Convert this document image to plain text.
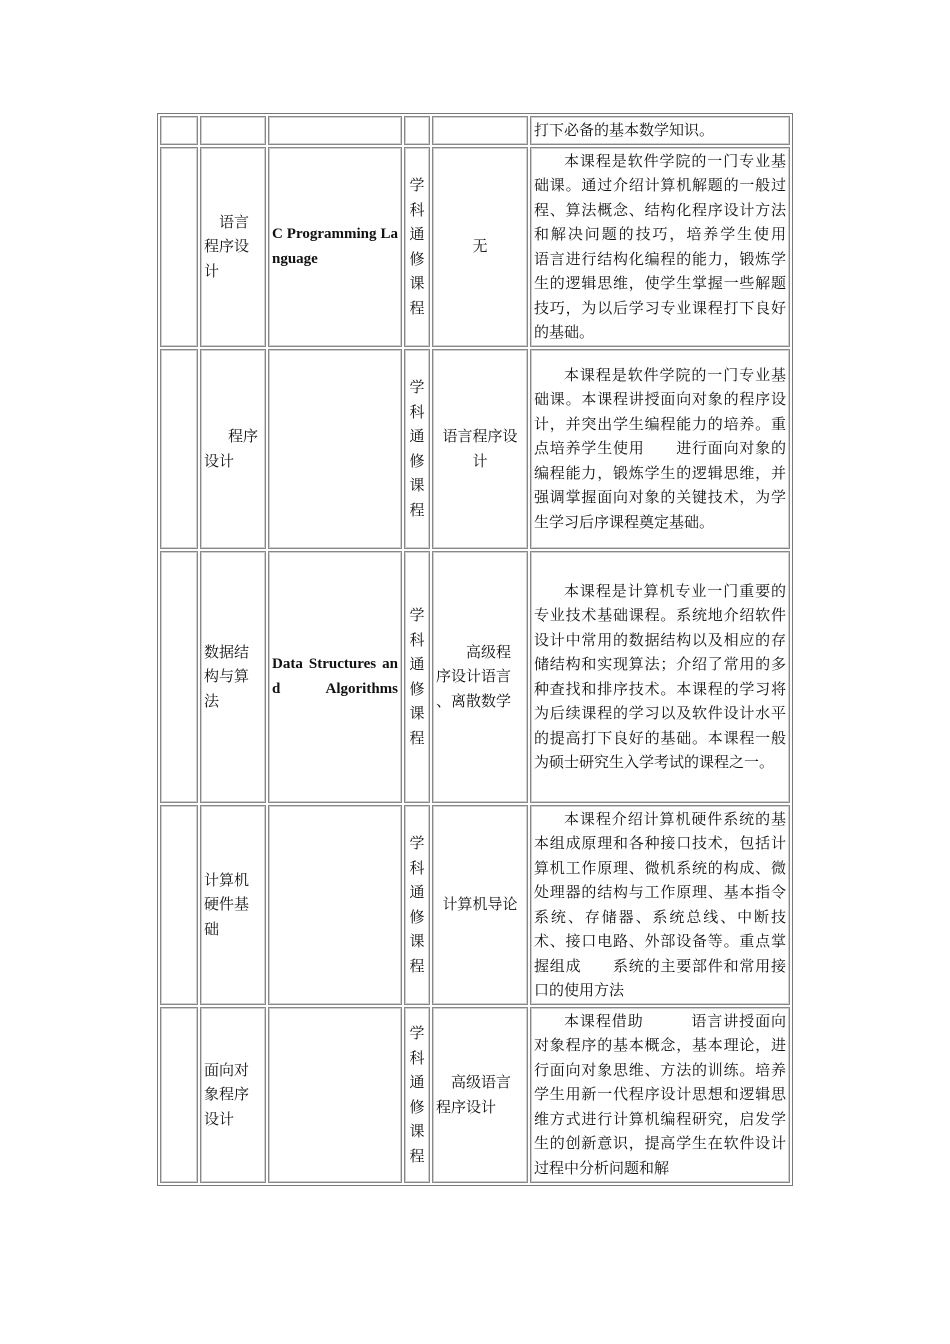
					打下必备的基本数学知识。

	语言程序设计	C Programming Language	学科通修课程	无	本课程是软件学院的一门专业基础课。通过介绍计算机解题的一般过程、算法概念、结构化程序设计方法和解决问题的技巧，培养学生使用　语言进行结构化编程的能力，锻炼学生的逻辑思维，使学生掌握一些解题技巧，为以后学习专业课程打下良好的基础。

	程序设计		学科通修课程	语言程序设计	本课程是软件学院的一门专业基础课。本课程讲授面向对象的程序设计，并突出学生编程能力的培养。重点培养学生使用　　进行面向对象的编程能力，锻炼学生的逻辑思维，并强调掌握面向对象的关键技术，为学生学习后序课程奠定基础。

	数据结构与算法	Data Structures and Algorithms	学科通修课程	高级程序设计语言　　、离散数学	本课程是计算机专业一门重要的专业技术基础课程。系统地介绍软件设计中常用的数据结构以及相应的存储结构和实现算法；介绍了常用的多种查找和排序技术。本课程的学习将为后续课程的学习以及软件设计水平的提高打下良好的基础。本课程一般为硕士研究生入学考试的课程之一。

	计算机硬件基础		学科通修课程	计算机导论	本课程介绍计算机硬件系统的基本组成原理和各种接口技术，包括计算机工作原理、微机系统的构成、微处理器的结构与工作原理、基本指令系统、存储器、系统总线、中断技术、接口电路、外部设备等。重点掌握组成　　系统的主要部件和常用接口的使用方法

	面向对象程序设计		学科通修课程	高级语言程序设计	本课程借助　　　语言讲授面向对象程序的基本概念，基本理论，进行面向对象思维、方法的训练。培养学生用新一代程序设计思想和逻辑思维方式进行计算机编程研究，启发学生的创新意识，提高学生在软件设计过程中分析问题和解
